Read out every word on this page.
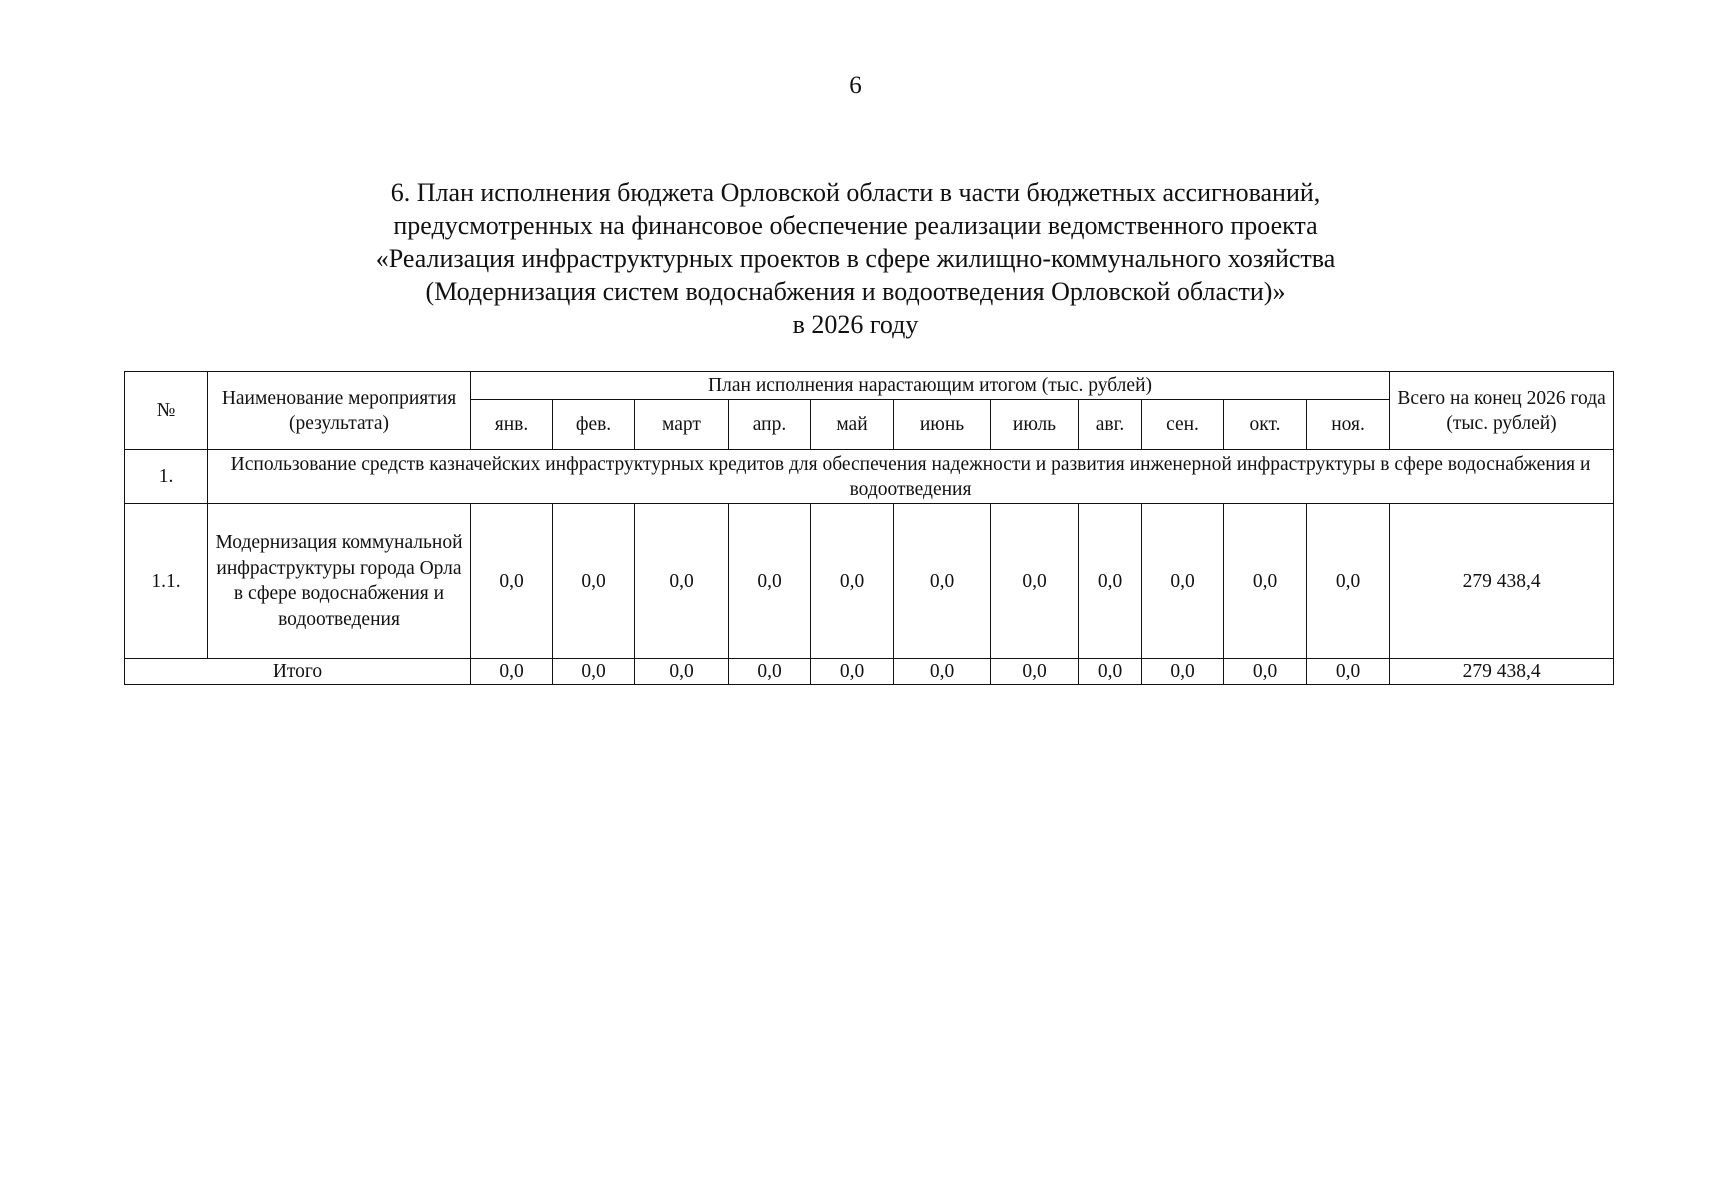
6
6. План исполнения бюджета Орловской области в части бюджетных ассигнований,
предусмотренных на финансовое обеспечение реализации ведомственного проекта
«Реализация инфраструктурных проектов в сфере жилищно-коммунального хозяйства
(Модернизация систем водоснабжения и водоотведения Орловской области)»
в 2026 году
№	Наименование мероприятия (результата)	План исполнения нарастающим итогом (тыс. рублей)											Всего на конец 2026 года (тыс. рублей)
		янв.	фев.	март	апр.	май	июнь	июль	авг.	сен.	окт.	ноя.	
1.	Использование средств казначейских инфраструктурных кредитов для обеспечения надежности и развития инженерной инфраструктуры в сфере водоснабжения и водоотведения												
1.1.	Модернизация коммунальной инфраструктуры города Орла в сфере водоснабжения и водоотведения	0,0	0,0	0,0	0,0	0,0	0,0	0,0	0,0	0,0	0,0	0,0	279 438,4
Итого		0,0	0,0	0,0	0,0	0,0	0,0	0,0	0,0	0,0	0,0	0,0	279 438,4
